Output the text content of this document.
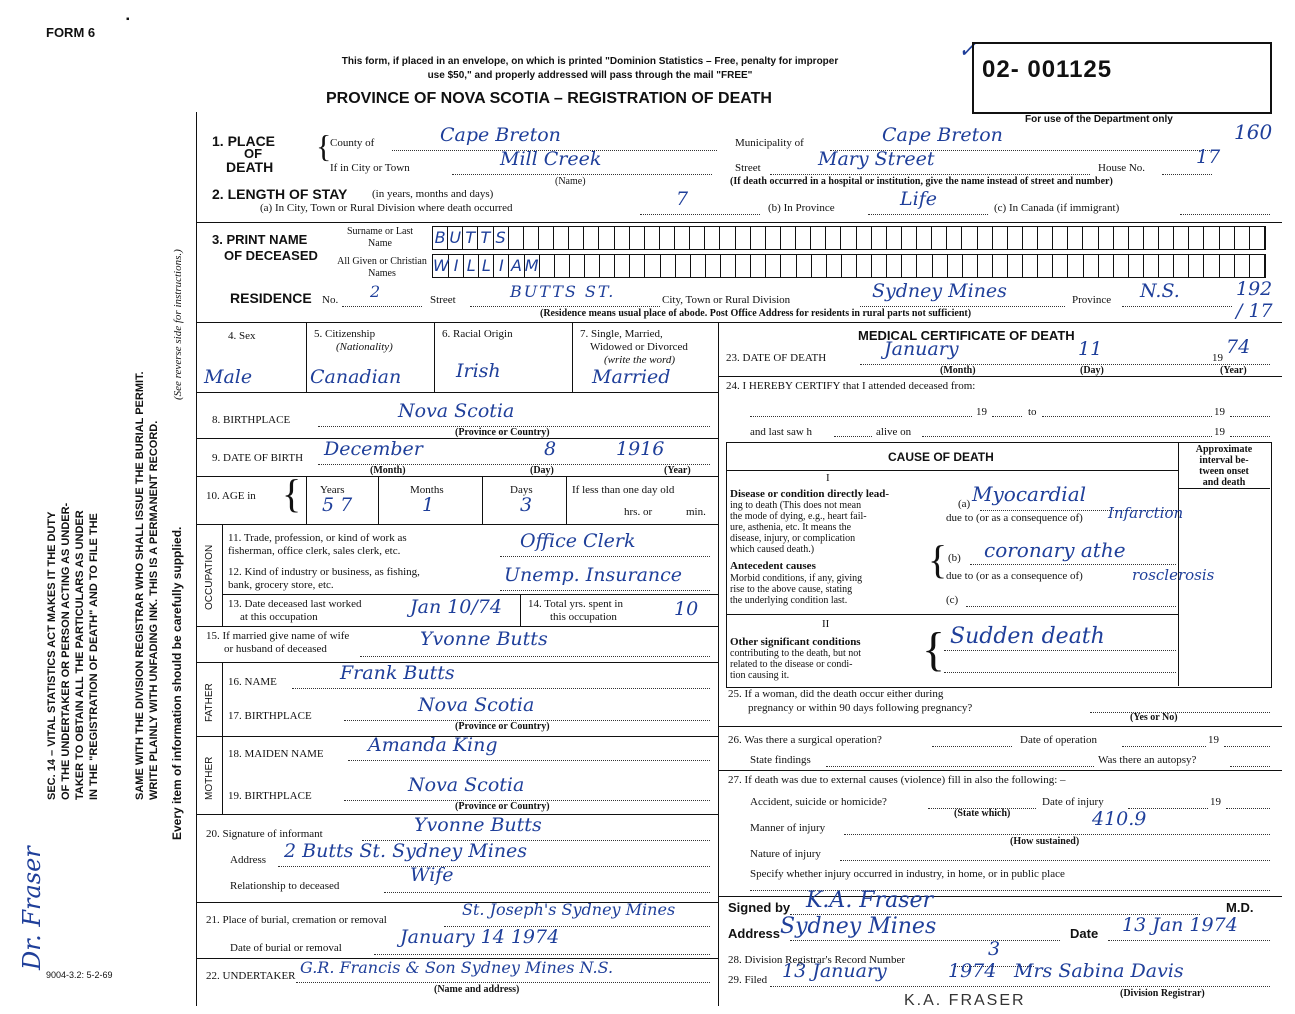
FORM 6
▪
This form, if placed in an envelope, on which is printed "Dominion Statistics – Free, penalty for improper
use $50," and properly addressed will pass through the mail "FREE"
PROVINCE OF NOVA SCOTIA – REGISTRATION OF DEATH
✓
02- 001125
For use of the Department only
160
SEC. 14 – VITAL STATISTICS ACT MAKES IT THE DUTY OF THE UNDERTAKER OR PERSON ACTING AS UNDER- TAKER TO OBTAIN ALL THE PARTICULARS AS UNDER IN THE "REGISTRATION OF DEATH" AND TO FILE THE	SAME WITH THE DIVISION REGISTRAR WHO SHALL ISSUE THE BURIAL PERMIT. WRITE PLAINLY WITH UNFADING INK. THIS IS A PERMANENT RECORD. Every item of information should be carefully supplied.
(See reverse side for instructions.)
Dr. Fraser
9004-3.2: 5-2-69
1. PLACE
OF
DEATH
{
County of	Cape Breton	Municipality of	Cape Breton
If in City or Town	Mill Creek
(Name)
Street	Mary Street	House No.	17
(If death occurred in a hospital or institution, give the name instead of street and number)
2. LENGTH OF STAY (in years, months and days)
(a) In City, Town or Rural Division where death occurred	7	(b) In Province	Life	(c) In Canada (if immigrant)
3. PRINT NAME
OF DECEASED
Surname or Last Name
All Given or Christian Names
B U T T S
W I L L I A M
RESIDENCE No. 2	Street	BUTTS ST.	City, Town or Rural Division	Sydney Mines	Province N.S.	192 / 17
(Residence means usual place of abode. Post Office Address for residents in rural parts not sufficient)
4. Sex
Male
5. Citizenship
(Nationality)
Canadian
6. Racial Origin
Irish
7. Single, Married,
Widowed or Divorced
(write the word)
Married
8. BIRTHPLACE	Nova Scotia
(Province or Country)
9. DATE OF BIRTH December	8	1916
(Month)	(Day)	(Year)
10. AGE in { Years	Months	Days	If less than one day old
57	1	3	hrs. or	min.
OCCUPATION
11. Trade, profession, or kind of work as
fisherman, office clerk, sales clerk, etc.	Office Clerk
12. Kind of industry or business, as fishing,
bank, grocery store, etc.	Unemp. Insurance
13. Date deceased last worked
at this occupation	Jan 10/74 14. Total yrs. spent in
this occupation	10
15. If married give name of wife
or husband of deceased	Yvonne Butts
FATHER
16. NAME	Frank Butts
17. BIRTHPLACE	Nova Scotia
(Province or Country)
MOTHER
18. MAIDEN NAME Amanda King
19. BIRTHPLACE	Nova Scotia
(Province or Country)
20. Signature of informant	Yvonne Butts
Address 2 Butts St. Sydney Mines
Relationship to deceased	Wife
21. Place of burial, cremation or removal
St. Joseph's Sydney Mines
Date of burial or removal	January 14 1974
22. UNDERTAKER G.R. Francis & Son Sydney Mines N.S.
(Name and address)
MEDICAL CERTIFICATE OF DEATH
23. DATE OF DEATH	January	11	19 74
(Month)	(Day)	(Year)
24. I HEREBY CERTIFY that I attended deceased from:
19	to	19
and last saw h	alive on	19
CAUSE OF DEATH
Approximate
interval be-
tween onset
and death
I
Disease or condition directly lead-
ing to death (This does not mean
the mode of dying, e.g., heart fail-
ure, asthenia, etc. It means the
disease, injury, or complication
which caused death.)
(a) Myocardial
due to (or as a consequence of) Infarction
{ (b) coronary athe
due to (or as a consequence of)	rosclerosis
(c)
Antecedent causes
Morbid conditions, if any, giving
rise to the above cause, stating
the underlying condition last.
II
Other significant conditions
contributing to the death, but not
related to the disease or condi-
tion causing it.	{ Sudden death
25. If a woman, did the death occur either during
pregnancy or within 90 days following pregnancy?
(Yes or No)
26. Was there a surgical operation?	Date of operation	19
State findings	Was there an autopsy?
27. If death was due to external causes (violence) fill in also the following: –
Accident, suicide or homicide?	Date of injury	19
(State which)
Manner of injury	410.9
(How sustained)
Nature of injury
Specify whether injury occurred in industry, in home, or in public place
Signed by K.A. Fraser	M.D.
Address Sydney Mines	Date 13 Jan 1974
28. Division Registrar's Record Number	3
29. Filed 13 January	1974 Mrs Sabina Davis
(Division Registrar)
K.A. FRASER
